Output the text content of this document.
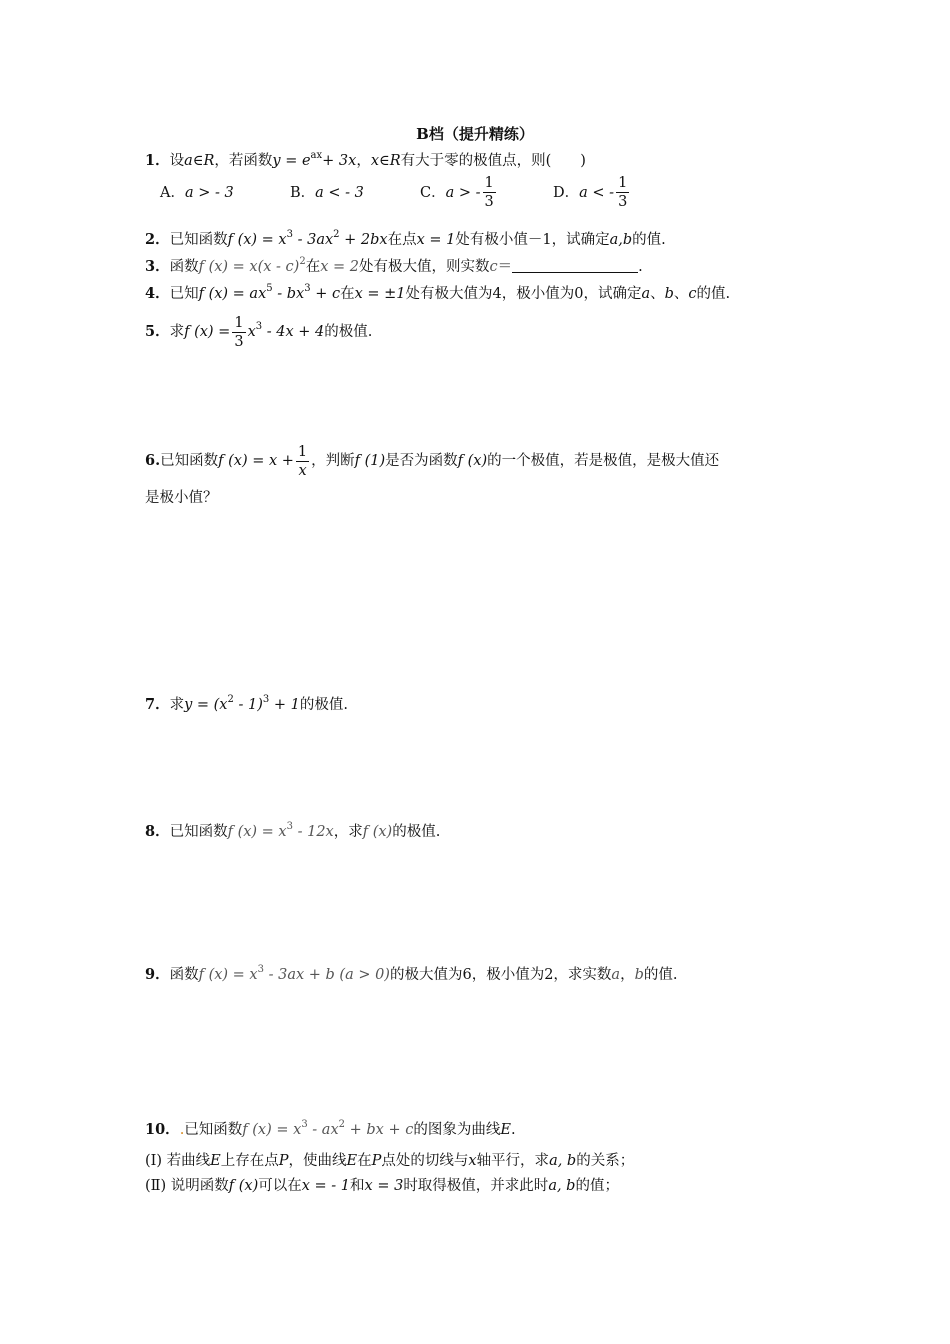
B档（提升精练）
1．设a∈R，若函数$y = e^{ax}+ 3x$，x∈R有大于零的极值点，则(　　)
A．a > - 3	B．a < - 3	C．a > - $\frac{1}{3}$	D．a < - $\frac{1}{3}$
2．已知函数f $(x) = x^3 - 3ax^2 + 2bx$在点x = 1处有极小值－1，试确定a,b的值.
3．函数f (x) = x(x - c)$^2$在x = 2处有极大值，则实数c＝	.
4．已知f $(x) = ax^5 - bx^3 + c$在x = ±1处有极大值为4，极小值为0，试确定a、b、c的值.
5．求f $(x) = \frac{1}{3} x^3 - 4x + 4$的极值.
6.已知函数f $(x) = x + \frac{1}{x}$ ，判断f (1)是否为函数f (x)的一个极值，若是极值，是极大值还
是极小值？
7．求$y = (x^2 - 1)^3 + 1$的极值.
8．已知函数f $(x) = x^3 - 12x$，求f (x)的极值.
9．函数f $(x) = x^3 - 3ax + b$ (a > 0)的极大值为6，极小值为2，求实数a，b的值.
10．.已知函数f $(x) = x^3 - ax^2$ + bx + c的图象为曲线E.
(Ⅰ) 若曲线E上存在点P，使曲线E在P点处的切线与x轴平行，求a, b的关系；
(Ⅱ) 说明函数f (x)可以在x = - 1和x = 3时取得极值，并求此时a, b的值；
